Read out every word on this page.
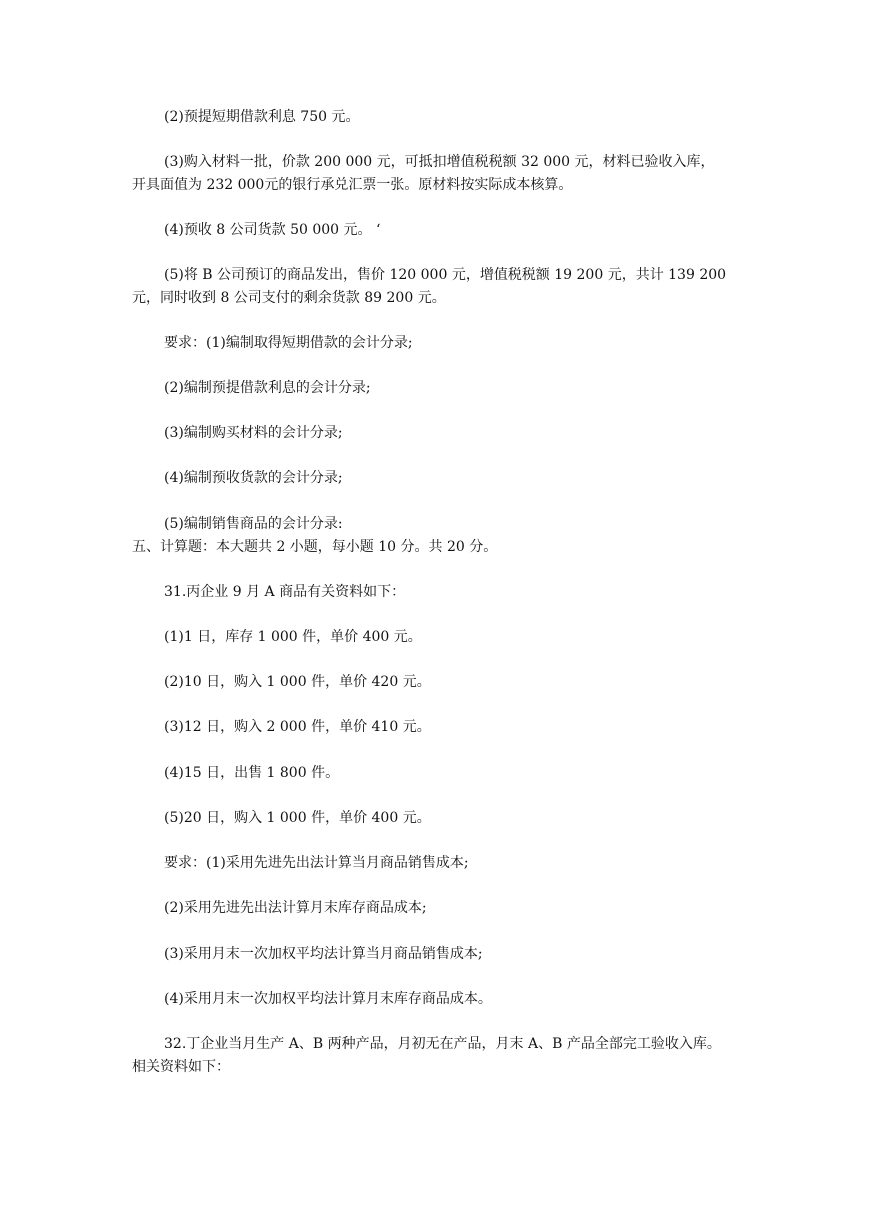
(2)预提短期借款利息 750 元。
(3)购入材料一批，价款 200 000 元，可抵扣增值税税额 32 000 元，材料已验收入库，
开具面值为 232 000元的银行承兑汇票一张。原材料按实际成本核算。
(4)预收 8 公司货款 50 000 元。 ‘
(5)将 B 公司预订的商品发出，售价 120 000 元，增值税税额 19 200 元，共计 139 200
元，同时收到 8 公司支付的剩余货款 89 200 元。
要求：(1)编制取得短期借款的会计分录;
(2)编制预提借款利息的会计分录;
(3)编制购买材料的会计分录;
(4)编制预收货款的会计分录;
(5)编制销售商品的会计分录:
五、计算题：本大题共 2 小题，每小题 10 分。共 20 分。
31.丙企业 9 月 A 商品有关资料如下：
(1)1 日，库存 1 000 件，单价 400 元。
(2)10 日，购入 1 000 件，单价 420 元。
(3)12 日，购入 2 000 件，单价 410 元。
(4)15 日，出售 1 800 件。
(5)20 日，购入 1 000 件，单价 400 元。
要求：(1)采用先进先出法计算当月商品销售成本;
(2)采用先进先出法计算月末库存商品成本;
(3)采用月末一次加权平均法计算当月商品销售成本;
(4)采用月末一次加权平均法计算月末库存商品成本。
32.丁企业当月生产 A、B 两种产品，月初无在产品，月末 A、B 产品全部完工验收入库。
相关资料如下：
